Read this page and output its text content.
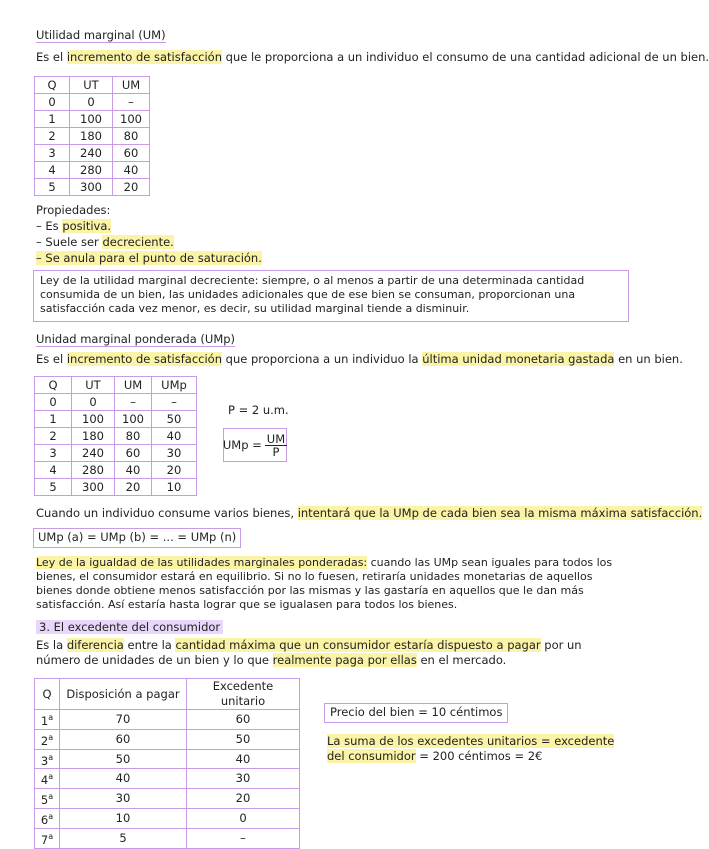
Utilidad marginal (UM)
Es el incremento de satisfacción que le proporciona a un individuo el consumo de una cantidad adicional de un bien.
Q	UT	UM
0	0	–
1	100	100
2	180	80
3	240	60
4	280	40
5	300	20
Propiedades:
– Es positiva.
– Suele ser decreciente.
– Se anula para el punto de saturación.
Ley de la utilidad marginal decreciente: siempre, o al menos a partir de una determinada cantidad consumida de un bien, las unidades adicionales que de ese bien se consuman, proporcionan una satisfacción cada vez menor, es decir, su utilidad marginal tiende a disminuir.
Unidad marginal ponderada (UMp)
Es el incremento de satisfacción que proporciona a un individuo la última unidad monetaria gastada en un bien.
Q	UT	UM	UMp
0	0	–	–
1	100	100	50
2	180	80	40
3	240	60	30
4	280	40	20
5	300	20	10
P = 2 u.m.
UMp = $\frac{UM}{P}$
Cuando un individuo consume varios bienes, intentará que la UMp de cada bien sea la misma máxima satisfacción.
UMp (a) = UMp (b) = ... = UMp (n)
Ley de la igualdad de las utilidades marginales ponderadas: cuando las UMp sean iguales para todos los bienes, el consumidor estará en equilibrio. Si no lo fuesen, retiraría unidades monetarias de aquellos bienes donde obtiene menos satisfacción por las mismas y las gastaría en aquellos que le dan más satisfacción. Así estaría hasta lograr que se igualasen para todos los bienes.
3. El excedente del consumidor
Es la diferencia entre la cantidad máxima que un consumidor estaría dispuesto a pagar por un número de unidades de un bien y lo que realmente paga por ellas en el mercado.
Q	Disposición a pagar	Excedente unitario
1$^a$	70	60
2$^a$	60	50
3$^a$	50	40
4$^a$	40	30
5$^a$	30	20
6$^a$	10	0
7$^a$	5	–
Precio del bien = 10 céntimos
La suma de los excedentes unitarios = excedente
del consumidor = 200 céntimos = 2€
